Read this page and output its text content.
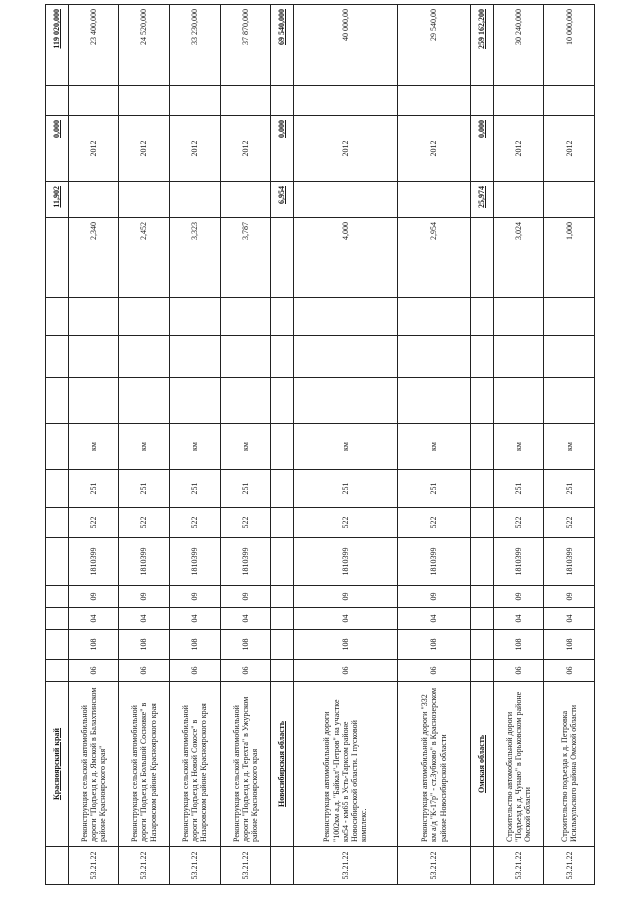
	Красноярский край													11,902	0,000		119 020,000
53.21.22	Реконструкция сельской автомобильной дороги "Подъезд к д. Ямской в Балахтинском районе Красноярского края"	06	108	04	09	1810399	522	251	км				2,340		2012		23 400,000
53.21.22	Реконструкция сельской автомобильной дороги "Подъезд к Большой Сосновке" в Назаровском районе Красноярского края	06	108	04	09	1810399	522	251	км				2,452		2012		24 520,000
53.21.22	Реконструкция сельской автомобильной дороги "Подъезд к Новой Сокосе" в Назаровском районе Красноярского края	06	108	04	09	1810399	522	251	км				3,323		2012		33 230,000
53.21.22	Реконструкция сельской автомобильной дороги "Подъезд к д. Терехта" в Ужурском районе Красноярского края	06	108	04	09	1810399	522	251	км				3,787		2012		37 870,000
	Новосибирская область													6,954	0,000		69 540,000
53.21.22	Реконструкция автомобильной дороги "1002км а.д. "Байкал"-Петров" на участке км54 - км65 в Усть-Тарксом районе Новосибирской области. I пусковой комплекс.	06	108	04	09	1810399	522	251	км				4,000		2012		40 000,00
53.21.22	Реконструкция автомобильной дороги "332 км а/д "К-17р" - ст.Зубково" в Краснозерском районе Новосибирской области	06	108	04	09	1810399	522	251	км				2,954		2012		29 540,00
	Омская область													25,974	0,000		259 162,200
53.21.22	Строительство автомобильной дороги "Подъезд к д. Чунаю" в Горьковском районе Омской области	06	108	04	09	1810399	522	251	км				3,024		2012		30 240,000
53.21.22	Строительство подъезда к д. Петровка Исилькульского района Омской области	06	108	04	09	1810399	522	251	км				1,000		2012		10 000,000
